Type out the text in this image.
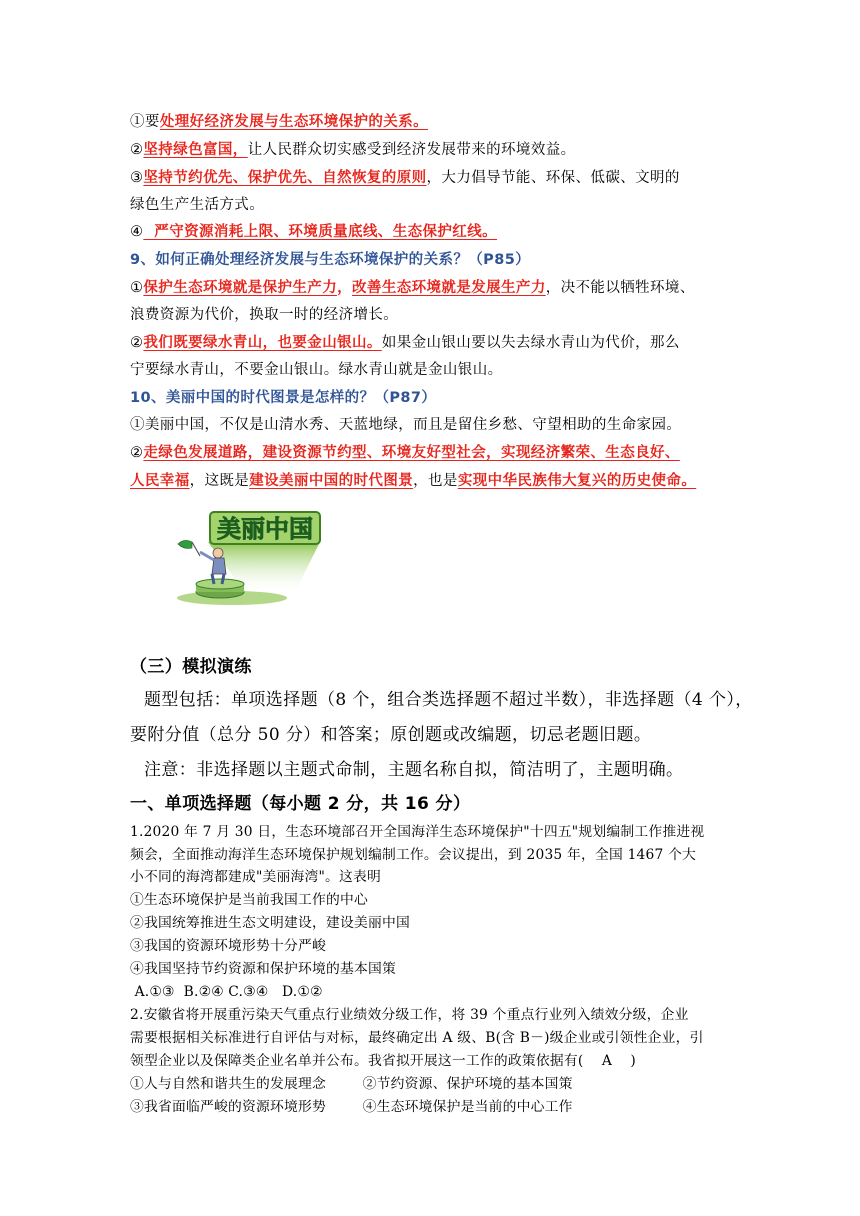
①要处理好经济发展与生态环境保护的关系。
②坚持绿色富国，让人民群众切实感受到经济发展带来的环境效益。
③坚持节约优先、保护优先、自然恢复的原则，大力倡导节能、环保、低碳、文明的
绿色生产生活方式。
④  严守资源消耗上限、环境质量底线、生态保护红线。
9、如何正确处理经济发展与生态环境保护的关系？（P85）
①保护生态环境就是保护生产力，改善生态环境就是发展生产力，决不能以牺牲环境、
浪费资源为代价，换取一时的经济增长。
②我们既要绿水青山，也要金山银山。如果金山银山要以失去绿水青山为代价，那么
宁要绿水青山，不要金山银山。绿水青山就是金山银山。
10、美丽中国的时代图景是怎样的？（P87）
①美丽中国，不仅是山清水秀、天蓝地绿，而且是留住乡愁、守望相助的生命家园。
②走绿色发展道路，建设资源节约型、环境友好型社会，实现经济繁荣、生态良好、
人民幸福，这既是建设美丽中国的时代图景，也是实现中华民族伟大复兴的历史使命。
美丽中国
（三）模拟演练
题型包括：单项选择题（8 个，组合类选择题不超过半数），非选择题（4 个），
要附分值（总分 50 分）和答案；原创题或改编题，切忌老题旧题。
注意：非选择题以主题式命制，主题名称自拟，简洁明了，主题明确。
一、单项选择题（每小题 2 分，共 16 分）
1.2020 年 7 月 30 日，生态环境部召开全国海洋生态环境保护"十四五"规划编制工作推进视
频会，全面推动海洋生态环境保护规划编制工作。会议提出，到 2035 年，全国 1467 个大
小不同的海湾都建成"美丽海湾"。这表明
①生态环境保护是当前我国工作的中心
②我国统筹推进生态文明建设，建设美丽中国
③我国的资源环境形势十分严峻
④我国坚持节约资源和保护环境的基本国策
A.①③  B.②④ C.③④   D.①②
2.安徽省将开展重污染天气重点行业绩效分级工作，将 39 个重点行业列入绩效分级，企业
需要根据相关标准进行自评估与对标，最终确定出 A 级、B(含 B－)级企业或引领性企业，引
领型企业以及保障类企业名单并公布。我省拟开展这一工作的政策依据有(    A    )
①人与自然和谐共生的发展理念        ②节约资源、保护环境的基本国策
③我省面临严峻的资源环境形势        ④生态环境保护是当前的中心工作
